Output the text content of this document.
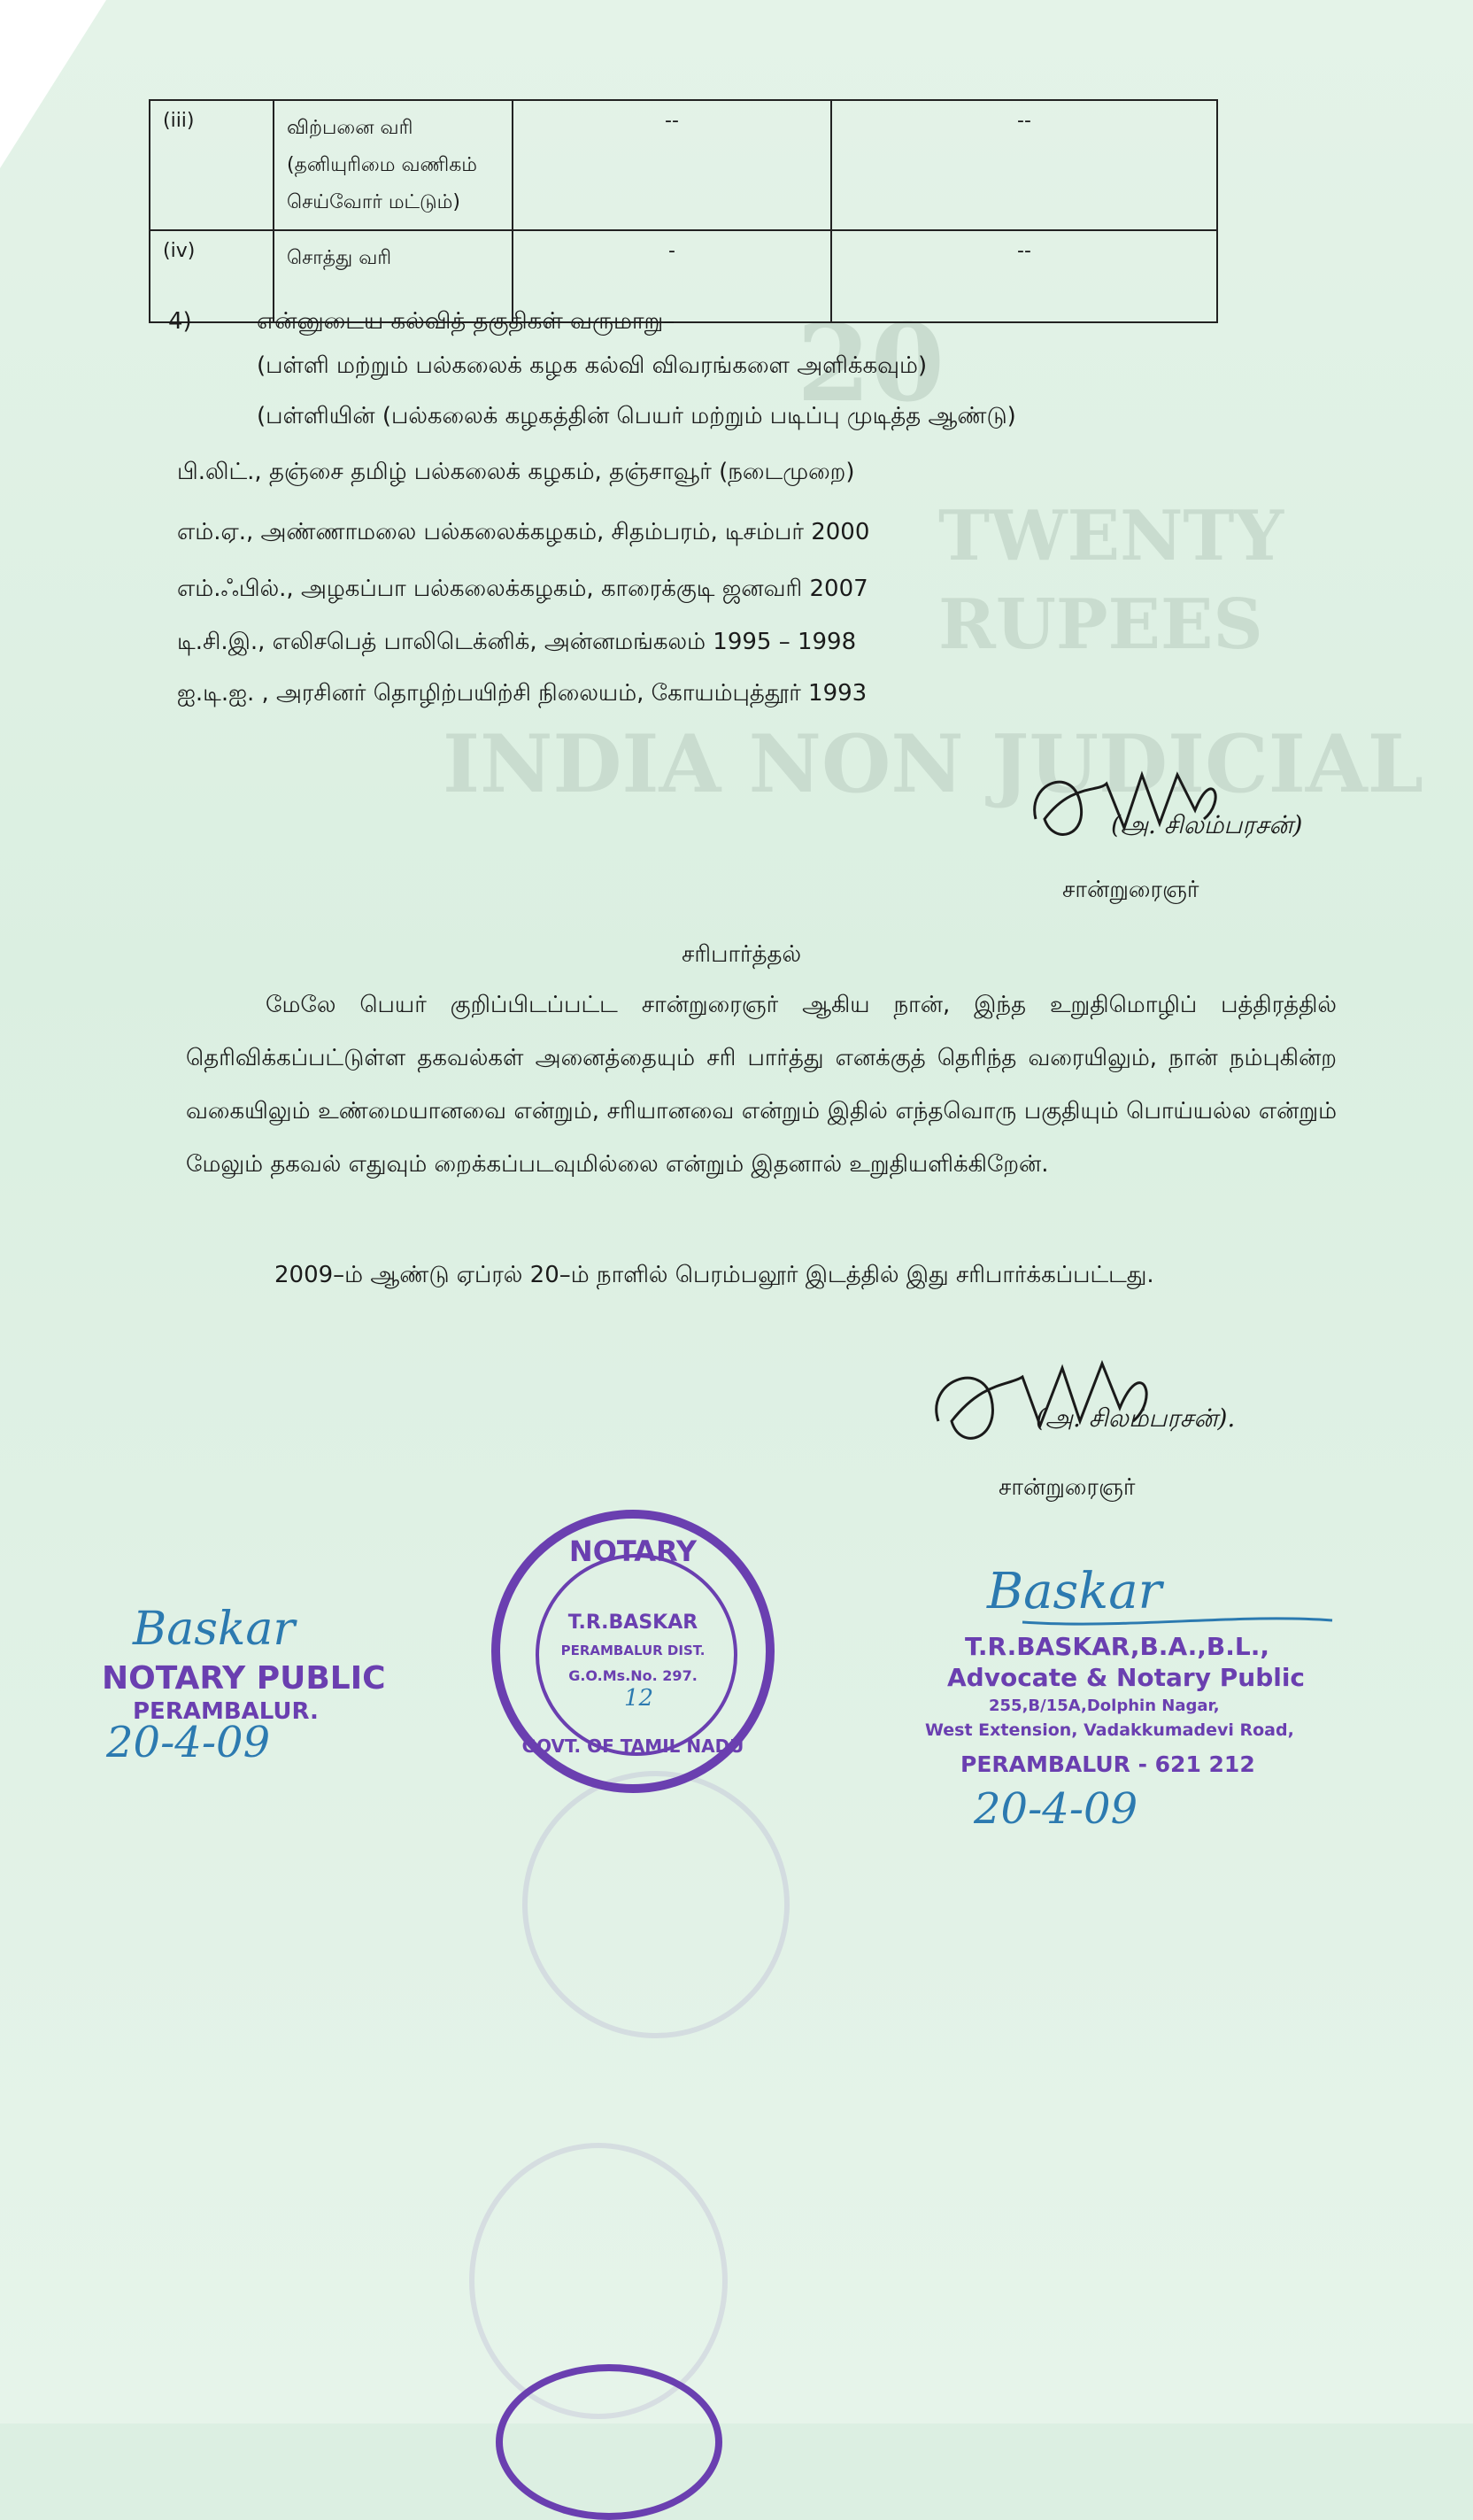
20
TWENTY
RUPEES
INDIA NON JUDICIAL
(iii)	விற்பனை வரி (தனியுரிமை வணிகம் செய்வோர் மட்டும்)	--	--
(iv)	சொத்து வரி	-	--
4)	என்னுடைய கல்வித் தகுதிகள் வருமாறு–
(பள்ளி மற்றும் பல்கலைக் கழக கல்வி விவரங்களை அளிக்கவும்)
(பள்ளியின் (பல்கலைக் கழகத்தின் பெயர் மற்றும் படிப்பு முடித்த ஆண்டு)
பி.லிட்., தஞ்சை தமிழ் பல்கலைக் கழகம், தஞ்சாவூர் (நடைமுறை)
எம்.ஏ., அண்ணாமலை பல்கலைக்கழகம், சிதம்பரம், டிசம்பர் 2000
எம்.ஃபில்., அழகப்பா பல்கலைக்கழகம், காரைக்குடி ஜனவரி 2007
டி.சி.இ., எலிசபெத் பாலிடெக்னிக், அன்னமங்கலம் 1995 – 1998
ஐ.டி.ஐ. , அரசினர் தொழிற்பயிற்சி நிலையம், கோயம்புத்தூர் 1993
(அ. சிலம்பரசன்)
சான்றுரைஞர்
சரிபார்த்தல்
மேலே பெயர் குறிப்பிடப்பட்ட சான்றுரைஞர் ஆகிய நான், இந்த உறுதிமொழிப் பத்திரத்தில் தெரிவிக்கப்பட்டுள்ள தகவல்கள் அனைத்தையும் சரி பார்த்து எனக்குத் தெரிந்த வரையிலும், நான் நம்புகின்ற வகையிலும் உண்மையானவை என்றும், சரியானவை என்றும் இதில் எந்தவொரு பகுதியும் பொய்யல்ல என்றும் மேலும் தகவல் எதுவும் றைக்கப்படவுமில்லை என்றும் இதனால் உறுதியளிக்கிறேன்.
2009–ம் ஆண்டு ஏப்ரல் 20–ம் நாளில் பெரம்பலூர் இடத்தில் இது சரிபார்க்கப்பட்டது.
(அ. சிலம்பரசன்).
சான்றுரைஞர்
Baskar
NOTARY PUBLIC
PERAMBALUR.
20-4-09
NOTARY
T.R.BASKAR
PERAMBALUR DIST.
G.O.Ms.No. 297.
12
GOVT. OF TAMIL NADU
Baskar
T.R.BASKAR,B.A.,B.L.,
Advocate & Notary Public
255,B/15A,Dolphin Nagar,
West Extension, Vadakkumadevi Road,
PERAMBALUR - 621 212
20-4-09
